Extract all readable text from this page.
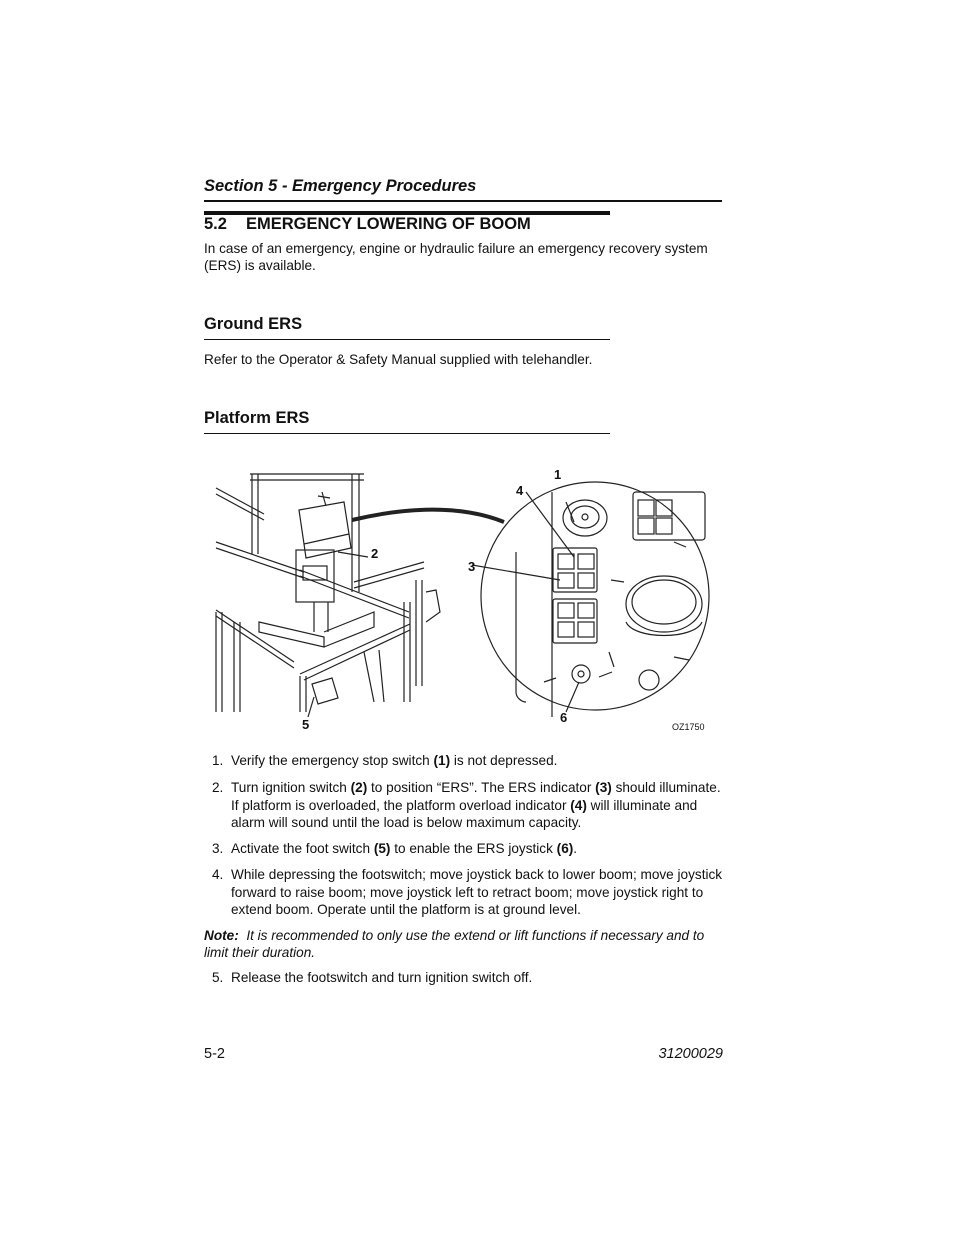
Section 5 - Emergency Procedures
5.2 EMERGENCY LOWERING OF BOOM
In case of an emergency, engine or hydraulic failure an emergency recovery system (ERS) is available.
Ground ERS
Refer to the Operator & Safety Manual supplied with telehandler.
Platform ERS
1
2
3
4
5	6
OZ1750
1. Verify the emergency stop switch (1) is not depressed.
2. Turn ignition switch (2) to position “ERS”. The ERS indicator (3) should illuminate. If platform is overloaded, the platform overload indicator (4) will illuminate and alarm will sound until the load is below maximum capacity.
3. Activate the foot switch (5) to enable the ERS joystick (6).
4. While depressing the footswitch; move joystick back to lower boom; move joystick forward to raise boom; move joystick left to retract boom; move joystick right to extend boom. Operate until the platform is at ground level.
Note: It is recommended to only use the extend or lift functions if necessary and to limit their duration.
5. Release the footswitch and turn ignition switch off.
5-2	31200029
